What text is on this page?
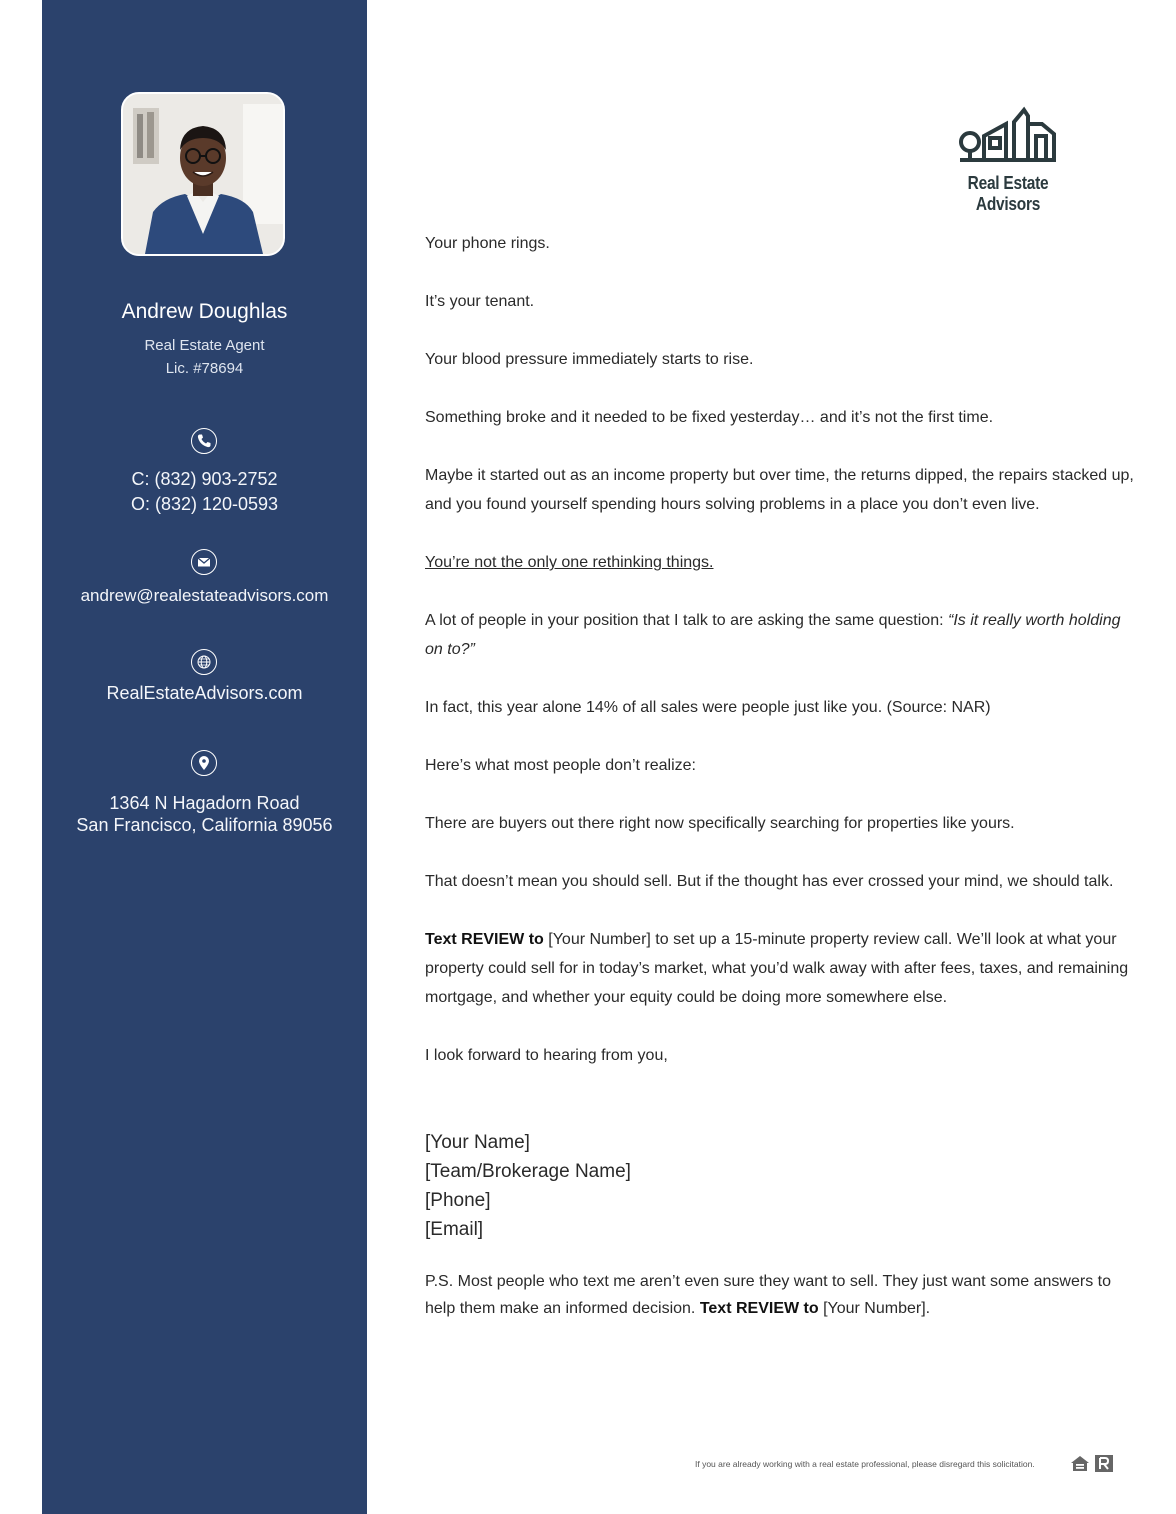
Andrew Doughlas
Real Estate Agent
Lic. #78694
C: (832) 903-2752
O: (832) 120-0593
andrew@realestateadvisors.com
RealEstateAdvisors.com
1364 N Hagadorn Road
San Francisco, California 89056
Real Estate Advisors

Your phone rings.

It’s your tenant.

Your blood pressure immediately starts to rise.

Something broke and it needed to be fixed yesterday… and it’s not the first time.

Maybe it started out as an income property but over time, the returns dipped, the repairs stacked up, and you found yourself spending hours solving problems in a place you don’t even live.

You’re not the only one rethinking things.

A lot of people in your position that I talk to are asking the same question: “Is it really worth holding on to?”

In fact, this year alone 14% of all sales were people just like you. (Source: NAR)

Here’s what most people don’t realize:

There are buyers out there right now specifically searching for properties like yours.

That doesn’t mean you should sell. But if the thought has ever crossed your mind, we should talk.

Text REVIEW to [Your Number] to set up a 15-minute property review call. We’ll look at what your property could sell for in today’s market, what you’d walk away with after fees, taxes, and remaining mortgage, and whether your equity could be doing more somewhere else.

I look forward to hearing from you,

[Your Name]
[Team/Brokerage Name]
[Phone]
[Email]
P.S. Most people who text me aren’t even sure they want to sell. They just want some answers to help them make an informed decision. Text REVIEW to [Your Number].
If you are already working with a real estate professional, please disregard this solicitation.
